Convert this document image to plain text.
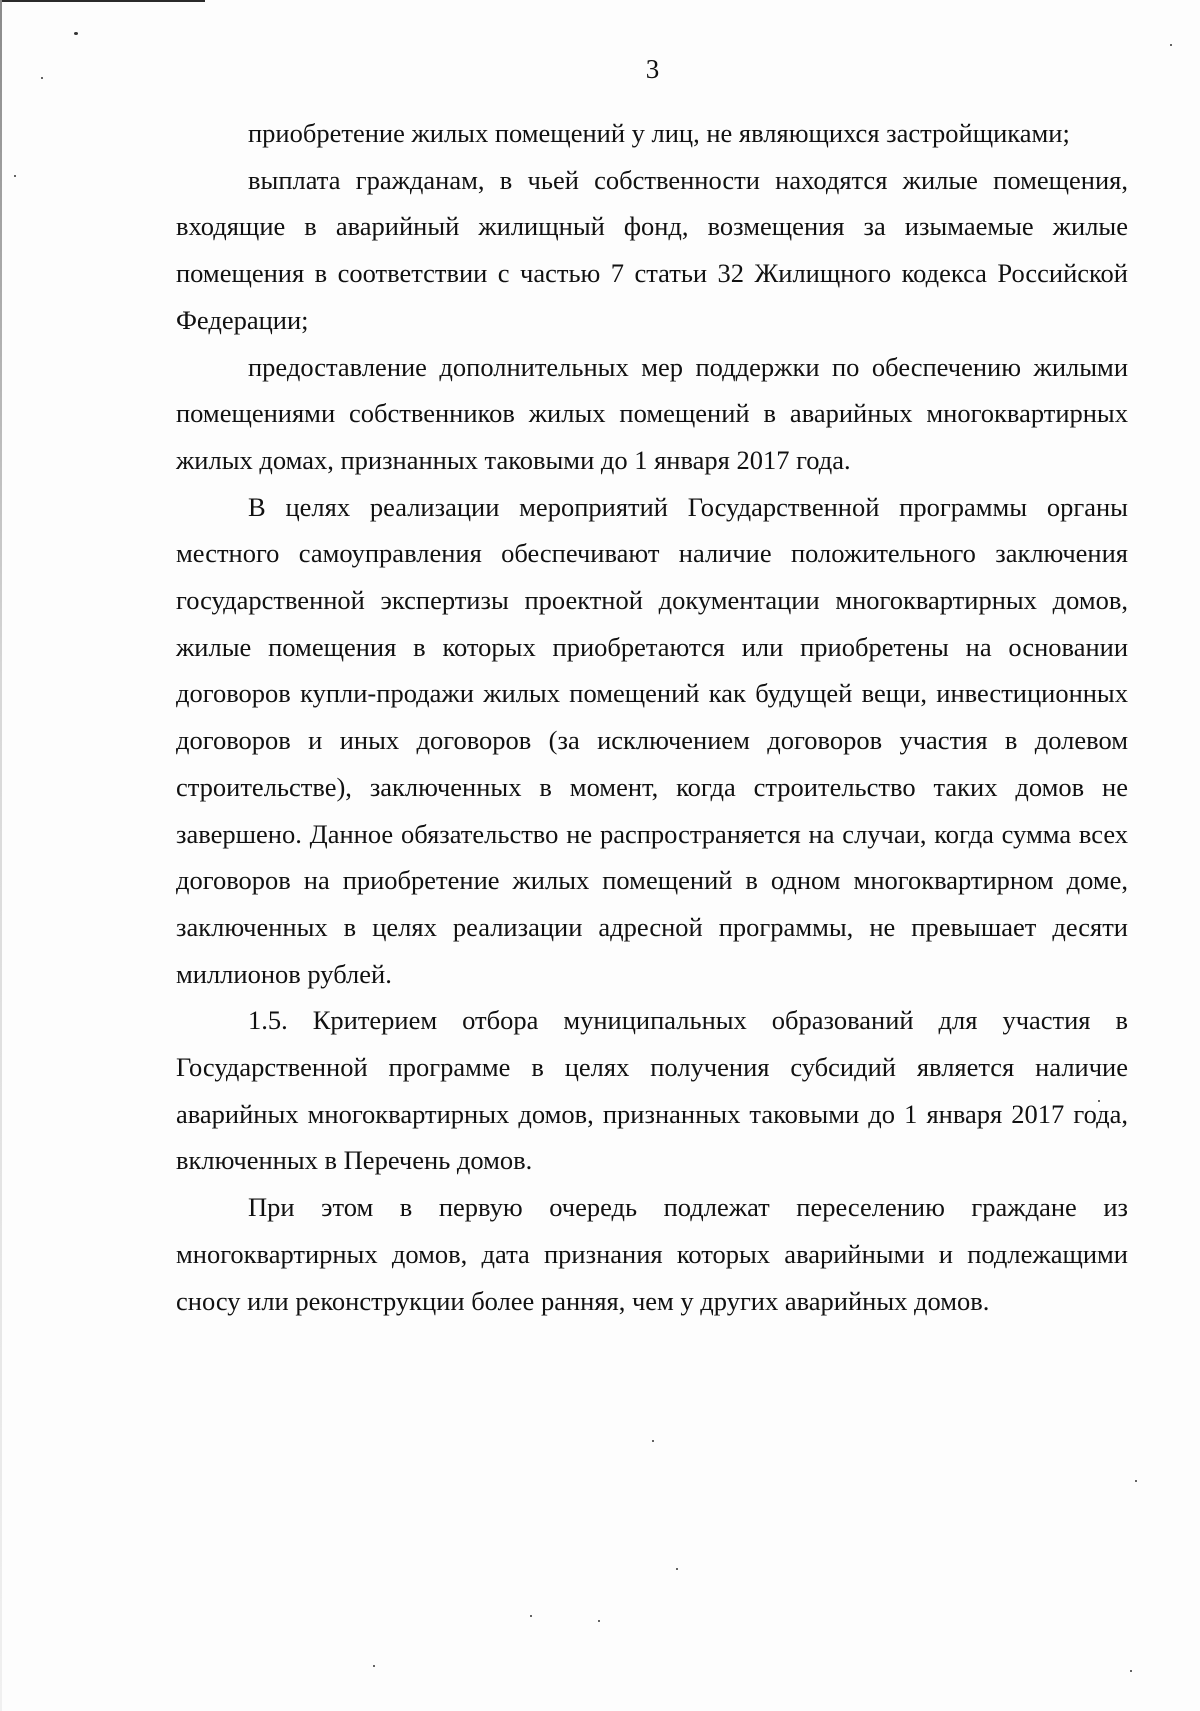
3

приобретение жилых помещений у лиц, не являющихся застройщиками;

выплата гражданам, в чьей собственности находятся жилые помещения, входящие в аварийный жилищный фонд, возмещения за изымаемые жилые помещения в соответствии с частью 7 статьи 32 Жилищного кодекса Российской Федерации;

предоставление дополнительных мер поддержки по обеспечению жилыми помещениями собственников жилых помещений в аварийных многоквартирных жилых домах, признанных таковыми до 1 января 2017 года.

В целях реализации мероприятий Государственной программы органы местного самоуправления обеспечивают наличие положительного заключения государственной экспертизы проектной документации многоквартирных домов, жилые помещения в которых приобретаются или приобретены на основании договоров купли-продажи жилых помещений как будущей вещи, инвестиционных договоров и иных договоров (за исключением договоров участия в долевом строительстве), заключенных в момент, когда строительство таких домов не завершено. Данное обязательство не распространяется на случаи, когда сумма всех договоров на приобретение жилых помещений в одном многоквартирном доме, заключенных в целях реализации адресной программы, не превышает десяти миллионов рублей.

1.5. Критерием отбора муниципальных образований для участия в Государственной программе в целях получения субсидий является наличие аварийных многоквартирных домов, признанных таковыми до 1 января 2017 года, включенных в Перечень домов.

При этом в первую очередь подлежат переселению граждане из многоквартирных домов, дата признания которых аварийными и подлежащими сносу или реконструкции более ранняя, чем у других аварийных домов.
